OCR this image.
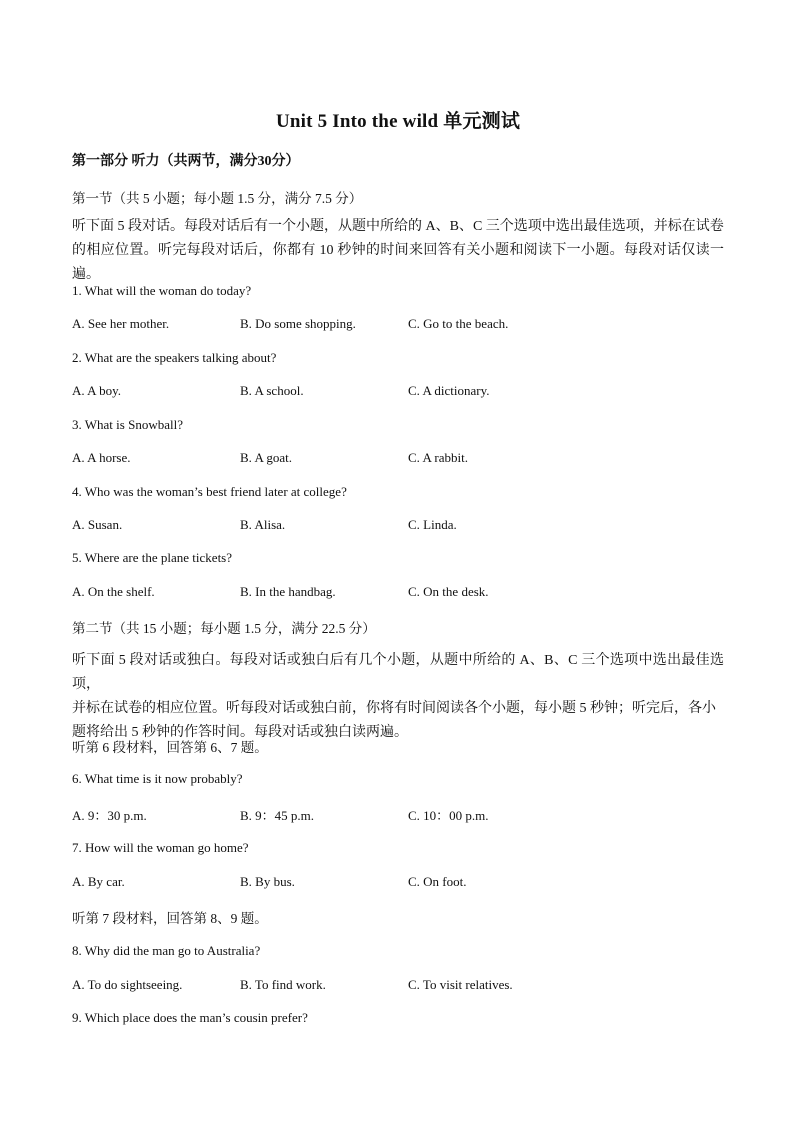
Unit 5 Into the wild 单元测试
第一部分 听力（共两节，满分30分）
第一节（共 5 小题；每小题 1.5 分，满分 7.5 分）
听下面 5 段对话。每段对话后有一个小题，从题中所给的 A、B、C 三个选项中选出最佳选项，并标在试卷
的相应位置。听完每段对话后，你都有 10 秒钟的时间来回答有关小题和阅读下一小题。每段对话仅读一遍。
1. What will the woman do today?
A. See her mother.	B. Do some shopping.	C. Go to the beach.
2. What are the speakers talking about?
A. A boy.	B. A school.	C. A dictionary.
3. What is Snowball?
A. A horse.	B. A goat.	C. A rabbit.
4. Who was the woman’s best friend later at college?
A. Susan.	B. Alisa.	C. Linda.
5. Where are the plane tickets?
A. On the shelf.	B. In the handbag.	C. On the desk.
第二节（共 15 小题；每小题 1.5 分，满分 22.5 分）
听下面 5 段对话或独白。每段对话或独白后有几个小题，从题中所给的 A、B、C 三个选项中选出最佳选项，
并标在试卷的相应位置。听每段对话或独白前，你将有时间阅读各个小题，每小题 5 秒钟；听完后，各小
题将给出 5 秒钟的作答时间。每段对话或独白读两遍。
听第 6 段材料，回答第 6、7 题。
6. What time is it now probably?
A. 9：30 p.m.	B. 9：45 p.m.	C. 10：00 p.m.
7. How will the woman go home?
A. By car.	B. By bus.	C. On foot.
听第 7 段材料，回答第 8、9 题。
8. Why did the man go to Australia?
A. To do sightseeing.	B. To find work.	C. To visit relatives.
9. Which place does the man’s cousin prefer?
